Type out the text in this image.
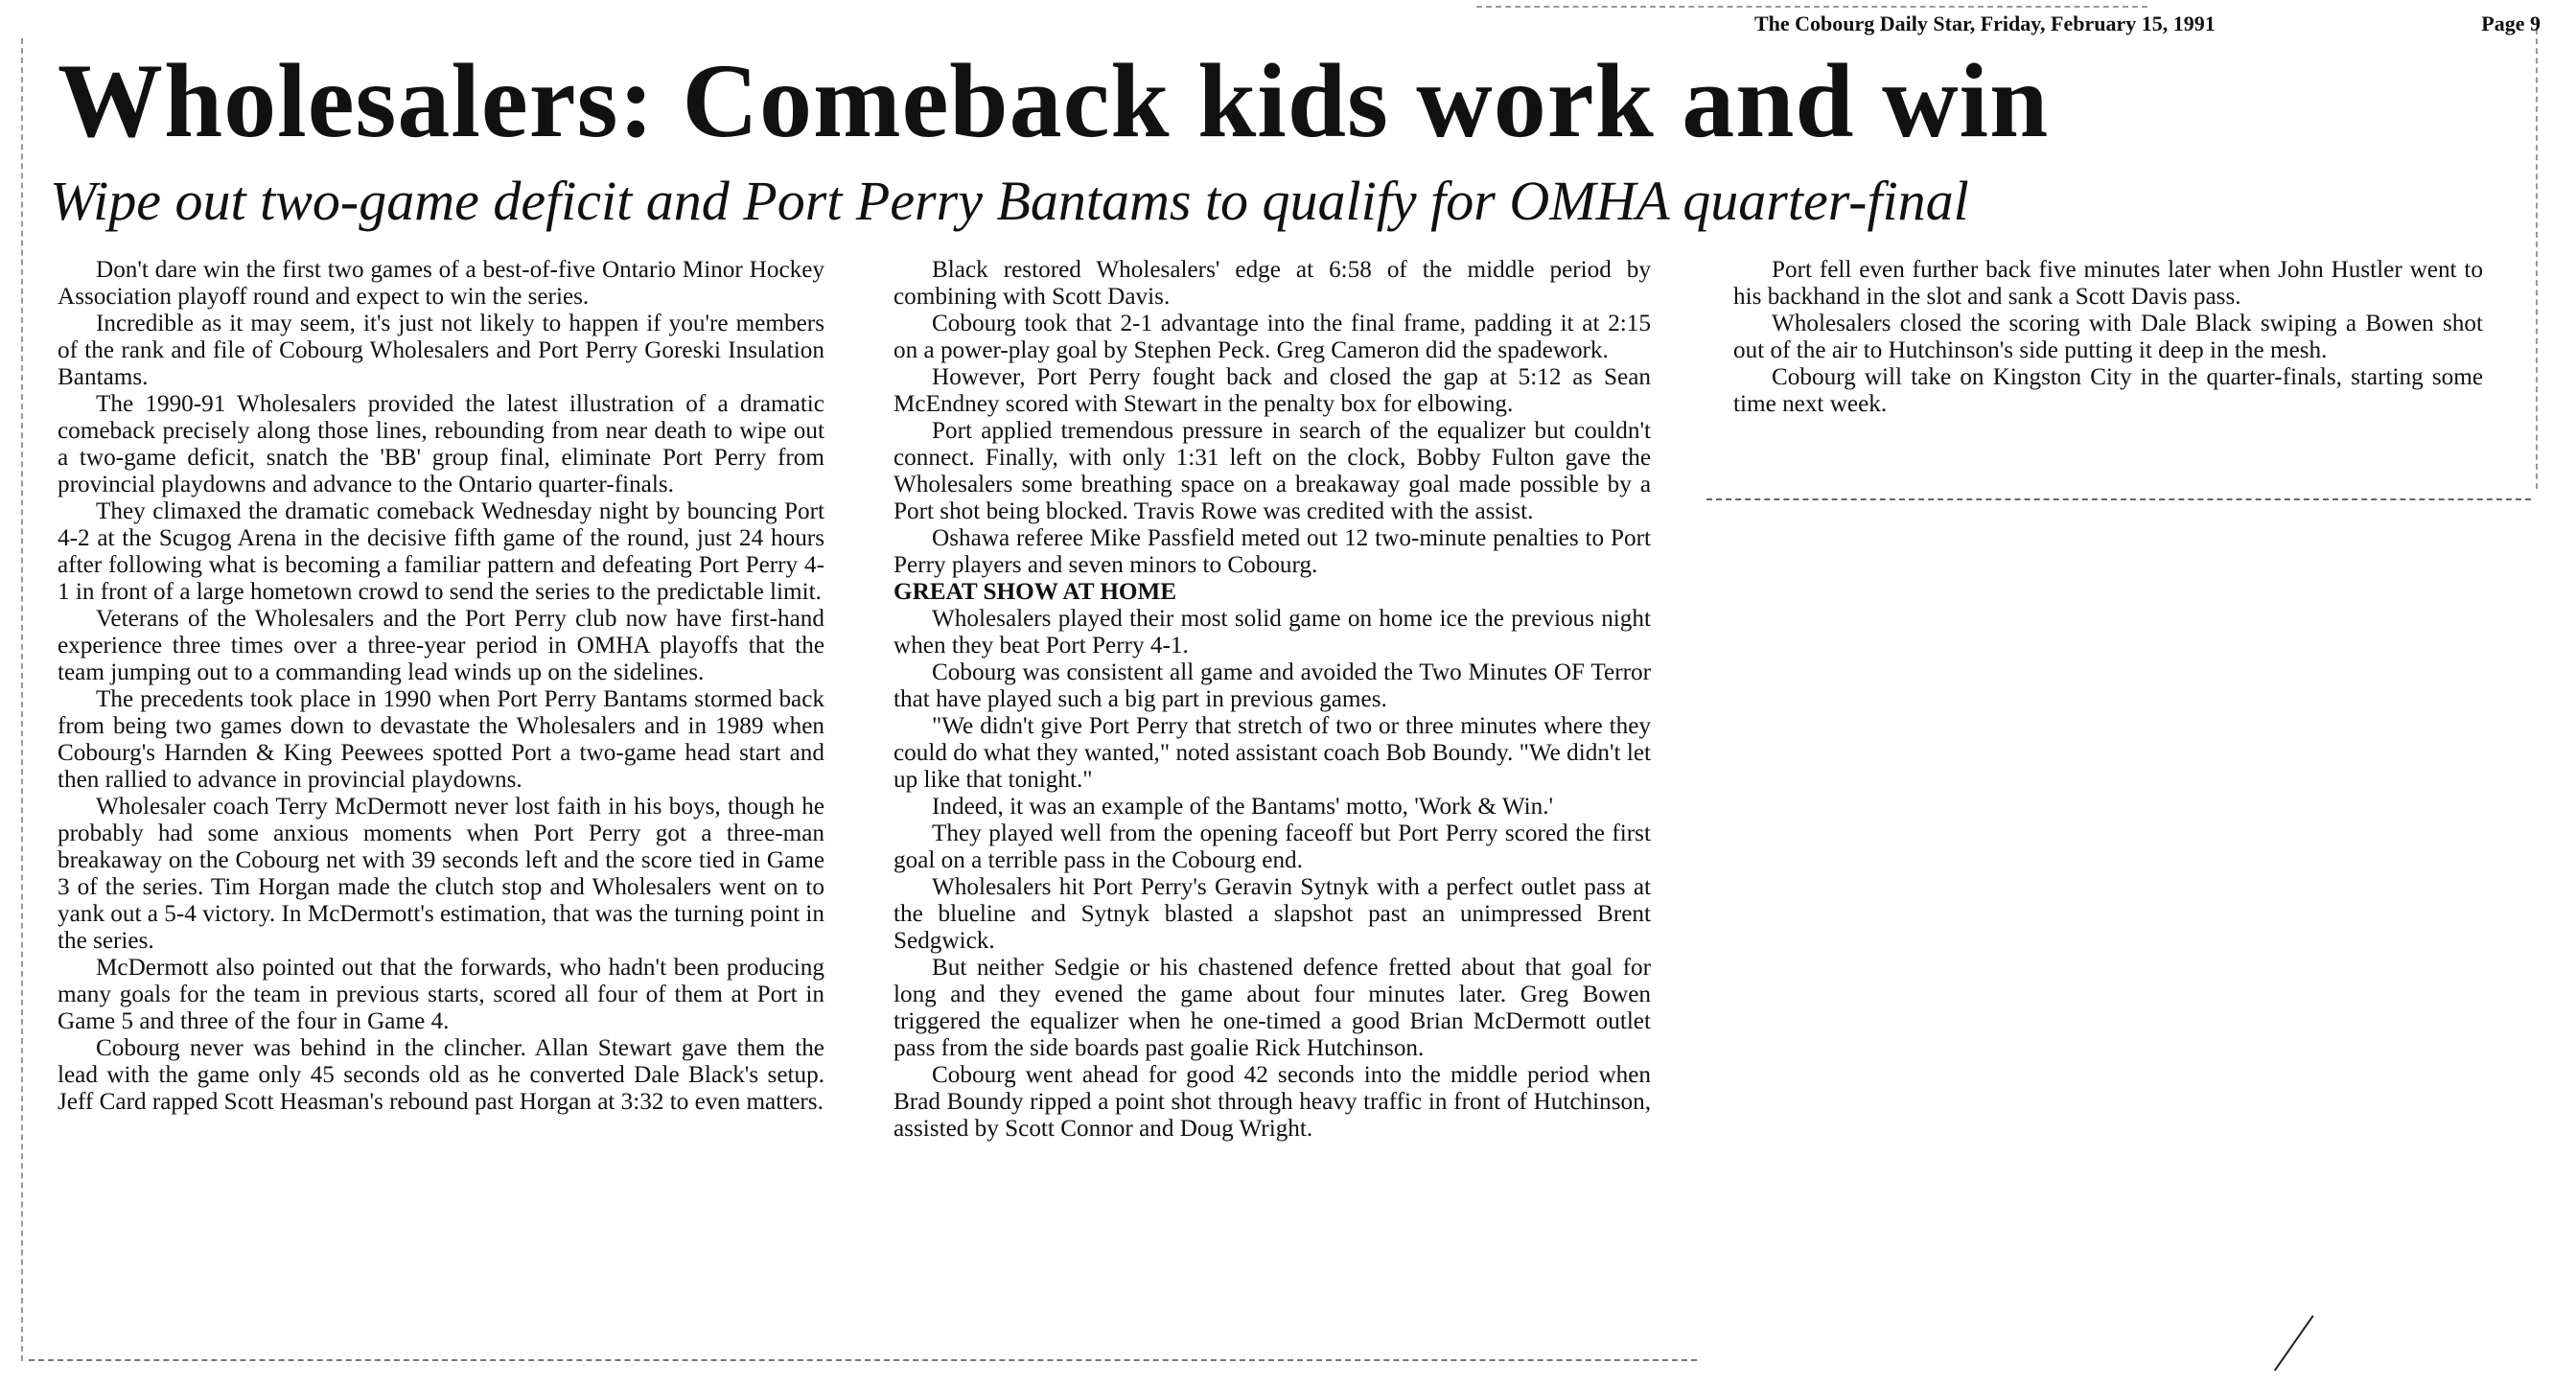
The Cobourg Daily Star, Friday, February 15, 1991	Page 9
Wholesalers: Comeback kids work and win
Wipe out two-game deficit and Port Perry Bantams to qualify for OMHA quarter-final

Don't dare win the first two games of a best-of-five Ontario Minor Hockey Association playoff round and expect to win the series.

Incredible as it may seem, it's just not likely to happen if you're members of the rank and file of Cobourg Wholesalers and Port Perry Goreski Insulation Bantams.

The 1990-91 Wholesalers provided the latest illustration of a dramatic comeback precisely along those lines, rebounding from near death to wipe out a two-game deficit, snatch the 'BB' group final, eliminate Port Perry from provincial playdowns and advance to the Ontario quarter-finals.

They climaxed the dramatic comeback Wednesday night by bouncing Port 4-2 at the Scugog Arena in the decisive fifth game of the round, just 24 hours after following what is becoming a familiar pattern and defeating Port Perry 4-1 in front of a large hometown crowd to send the series to the predictable limit.

Veterans of the Wholesalers and the Port Perry club now have first-hand experience three times over a three-year period in OMHA playoffs that the team jumping out to a commanding lead winds up on the sidelines.

The precedents took place in 1990 when Port Perry Bantams stormed back from being two games down to devastate the Wholesalers and in 1989 when Cobourg's Harnden & King Peewees spotted Port a two-game head start and then rallied to advance in provincial playdowns.

Wholesaler coach Terry McDermott never lost faith in his boys, though he probably had some anxious moments when Port Perry got a three-man breakaway on the Cobourg net with 39 seconds left and the score tied in Game 3 of the series. Tim Horgan made the clutch stop and Wholesalers went on to yank out a 5-4 victory. In McDermott's estimation, that was the turning point in the series.

McDermott also pointed out that the forwards, who hadn't been producing many goals for the team in previous starts, scored all four of them at Port in Game 5 and three of the four in Game 4.

Cobourg never was behind in the clincher. Allan Stewart gave them the lead with the game only 45 seconds old as he converted Dale Black's setup. Jeff Card rapped Scott Heasman's rebound past Horgan at 3:32 to even matters.

Black restored Wholesalers' edge at 6:58 of the middle period by combining with Scott Davis.

Cobourg took that 2-1 advantage into the final frame, padding it at 2:15 on a power-play goal by Stephen Peck. Greg Cameron did the spadework.

However, Port Perry fought back and closed the gap at 5:12 as Sean McEndney scored with Stewart in the penalty box for elbowing.

Port applied tremendous pressure in search of the equalizer but couldn't connect. Finally, with only 1:31 left on the clock, Bobby Fulton gave the Wholesalers some breathing space on a breakaway goal made possible by a Port shot being blocked. Travis Rowe was credited with the assist.

Oshawa referee Mike Passfield meted out 12 two-minute penalties to Port Perry players and seven minors to Cobourg.

GREAT SHOW AT HOME

Wholesalers played their most solid game on home ice the previous night when they beat Port Perry 4-1.

Cobourg was consistent all game and avoided the Two Minutes OF Terror that have played such a big part in previous games.

"We didn't give Port Perry that stretch of two or three minutes where they could do what they wanted," noted assistant coach Bob Boundy. "We didn't let up like that tonight."

Indeed, it was an example of the Bantams' motto, 'Work & Win.'

They played well from the opening faceoff but Port Perry scored the first goal on a terrible pass in the Cobourg end.

Wholesalers hit Port Perry's Geravin Sytnyk with a perfect outlet pass at the blueline and Sytnyk blasted a slapshot past an unimpressed Brent Sedgwick.

But neither Sedgie or his chastened defence fretted about that goal for long and they evened the game about four minutes later. Greg Bowen triggered the equalizer when he one-timed a good Brian McDermott outlet pass from the side boards past goalie Rick Hutchinson.

Cobourg went ahead for good 42 seconds into the middle period when Brad Boundy ripped a point shot through heavy traffic in front of Hutchinson, assisted by Scott Connor and Doug Wright.

Port fell even further back five minutes later when John Hustler went to his backhand in the slot and sank a Scott Davis pass.

Wholesalers closed the scoring with Dale Black swiping a Bowen shot out of the air to Hutchinson's side putting it deep in the mesh.

Cobourg will take on Kingston City in the quarter-finals, starting some time next week.
